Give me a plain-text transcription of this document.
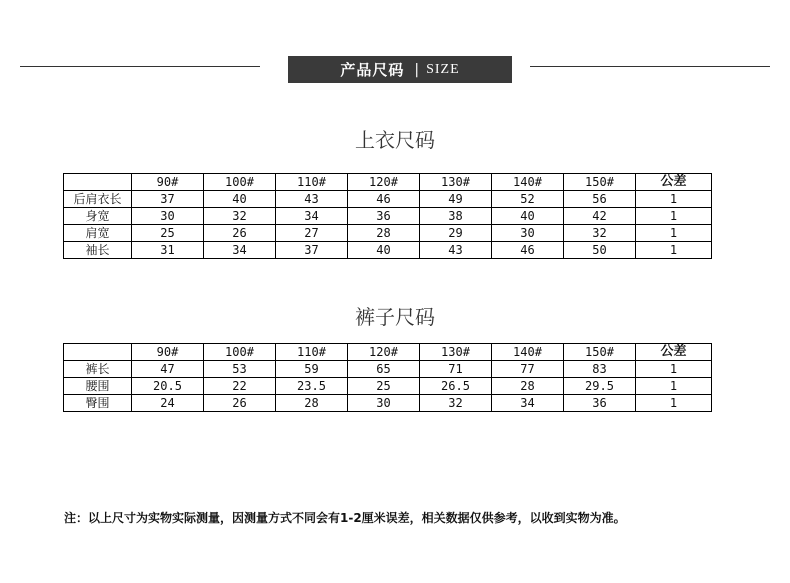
产品尺码 | SIZE
上衣尺码
	90#	100#	110#	120#	130#	140#	150#	公差
后肩衣长	37	40	43	46	49	52	56	1
身宽	30	32	34	36	38	40	42	1
肩宽	25	26	27	28	29	30	32	1
袖长	31	34	37	40	43	46	50	1
裤子尺码
	90#	100#	110#	120#	130#	140#	150#	公差
裤长	47	53	59	65	71	77	83	1
腰围	20.5	22	23.5	25	26.5	28	29.5	1
臀围	24	26	28	30	32	34	36	1
注：以上尺寸为实物实际测量，因测量方式不同会有1-2厘米误差，相关数据仅供参考，以收到实物为准。
